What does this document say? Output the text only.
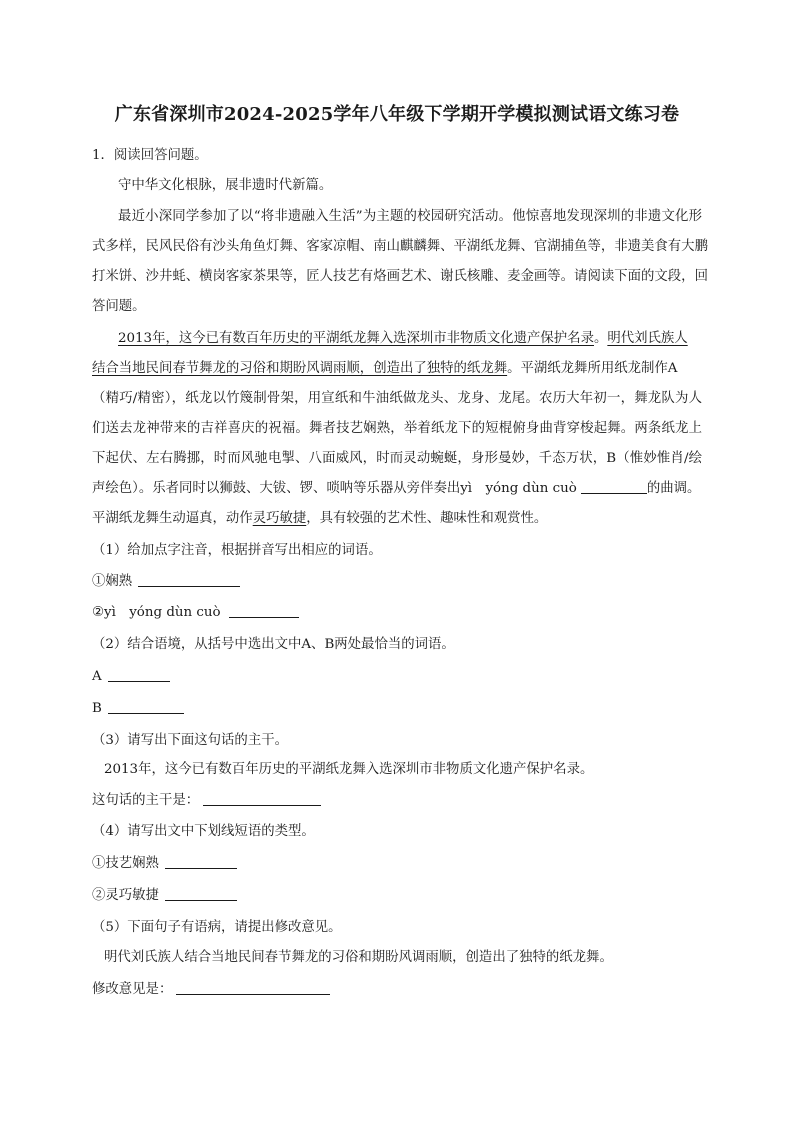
广东省深圳市2024-2025学年八年级下学期开学模拟测试语文练习卷
1．阅读回答问题。
守中华文化根脉，展非遗时代新篇。
最近小深同学参加了以“将非遗融入生活”为主题的校园研究活动。他惊喜地发现深圳的非遗文化形
式多样，民风民俗有沙头角鱼灯舞、客家凉帽、南山麒麟舞、平湖纸龙舞、官湖捕鱼等，非遗美食有大鹏
打米饼、沙井蚝、横岗客家茶果等，匠人技艺有烙画艺术、谢氏核雕、麦金画等。请阅读下面的文段，回
答问题。
2013年，这今已有数百年历史的平湖纸龙舞入选深圳市非物质文化遗产保护名录。明代刘氏族人
结合当地民间春节舞龙的习俗和期盼风调雨顺，创造出了独特的纸龙舞。平湖纸龙舞所用纸龙制作A
（精巧/精密），纸龙以竹篾制骨架，用宣纸和牛油纸做龙头、龙身、龙尾。农历大年初一，舞龙队为人
们送去龙神带来的吉祥喜庆的祝福。舞者技艺娴熟，举着纸龙下的短棍俯身曲背穿梭起舞。两条纸龙上
下起伏、左右腾挪，时而风驰电掣、八面威风，时而灵动蜿蜒，身形曼妙，千态万状，B（惟妙惟肖/绘
声绘色）。乐者同时以狮鼓、大钹、锣、唢呐等乐器从旁伴奏出yì　yóng dùn cuò	的曲调。
平湖纸龙舞生动逼真，动作灵巧敏捷，具有较强的艺术性、趣味性和观赏性。
（1）给加点字注音，根据拼音写出相应的词语。
①娴熟
②yì　yóng dùn cuò
（2）结合语境，从括号中选出文中A、B两处最恰当的词语。
A
B
（3）请写出下面这句话的主干。
2013年，这今已有数百年历史的平湖纸龙舞入选深圳市非物质文化遗产保护名录。
这句话的主干是：
（4）请写出文中下划线短语的类型。
①技艺娴熟
②灵巧敏捷
（5）下面句子有语病，请提出修改意见。
明代刘氏族人结合当地民间春节舞龙的习俗和期盼风调雨顺，创造出了独特的纸龙舞。
修改意见是：
